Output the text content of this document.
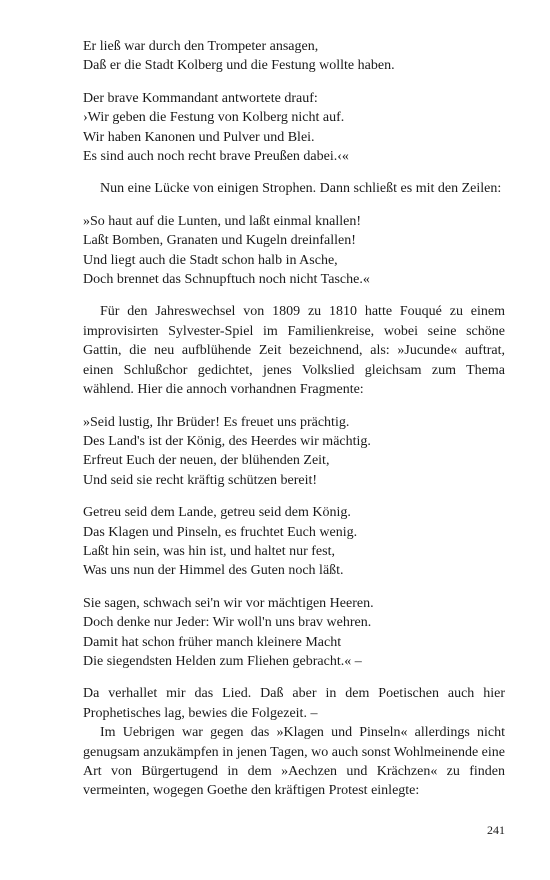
Er ließ war durch den Trompeter ansagen,
Daß er die Stadt Kolberg und die Festung wollte haben.
Der brave Kommandant antwortete drauf:
›Wir geben die Festung von Kolberg nicht auf.
Wir haben Kanonen und Pulver und Blei.
Es sind auch noch recht brave Preußen dabei.‹«

Nun eine Lücke von einigen Strophen. Dann schließt es mit den Zeilen:

»So haut auf die Lunten, und laßt einmal knallen!
Laßt Bomben, Granaten und Kugeln dreinfallen!
Und liegt auch die Stadt schon halb in Asche,
Doch brennet das Schnupftuch noch nicht Tasche.«

Für den Jahreswechsel von 1809 zu 1810 hatte Fouqué zu einem improvisirten Sylvester-Spiel im Familienkreise, wobei seine schöne Gattin, die neu aufblühende Zeit bezeichnend, als: »Jucunde« auftrat, einen Schlußchor gedichtet, jenes Volkslied gleichsam zum Thema wählend. Hier die annoch vorhandnen Fragmente:

»Seid lustig, Ihr Brüder! Es freuet uns prächtig.
Des Land's ist der König, des Heerdes wir mächtig.
Erfreut Euch der neuen, der blühenden Zeit,
Und seid sie recht kräftig schützen bereit!
Getreu seid dem Lande, getreu seid dem König.
Das Klagen und Pinseln, es fruchtet Euch wenig.
Laßt hin sein, was hin ist, und haltet nur fest,
Was uns nun der Himmel des Guten noch läßt.
Sie sagen, schwach sei'n wir vor mächtigen Heeren.
Doch denke nur Jeder: Wir woll'n uns brav wehren.
Damit hat schon früher manch kleinere Macht
Die siegendsten Helden zum Fliehen gebracht.« –

Da verhallet mir das Lied. Daß aber in dem Poetischen auch hier Prophetisches lag, bewies die Folgezeit. –

Im Uebrigen war gegen das »Klagen und Pinseln« allerdings nicht genugsam anzukämpfen in jenen Tagen, wo auch sonst Wohlmeinende eine Art von Bürgertugend in dem »Aechzen und Krächzen« zu finden vermeinten, wogegen Goethe den kräftigen Protest einlegte:

241
